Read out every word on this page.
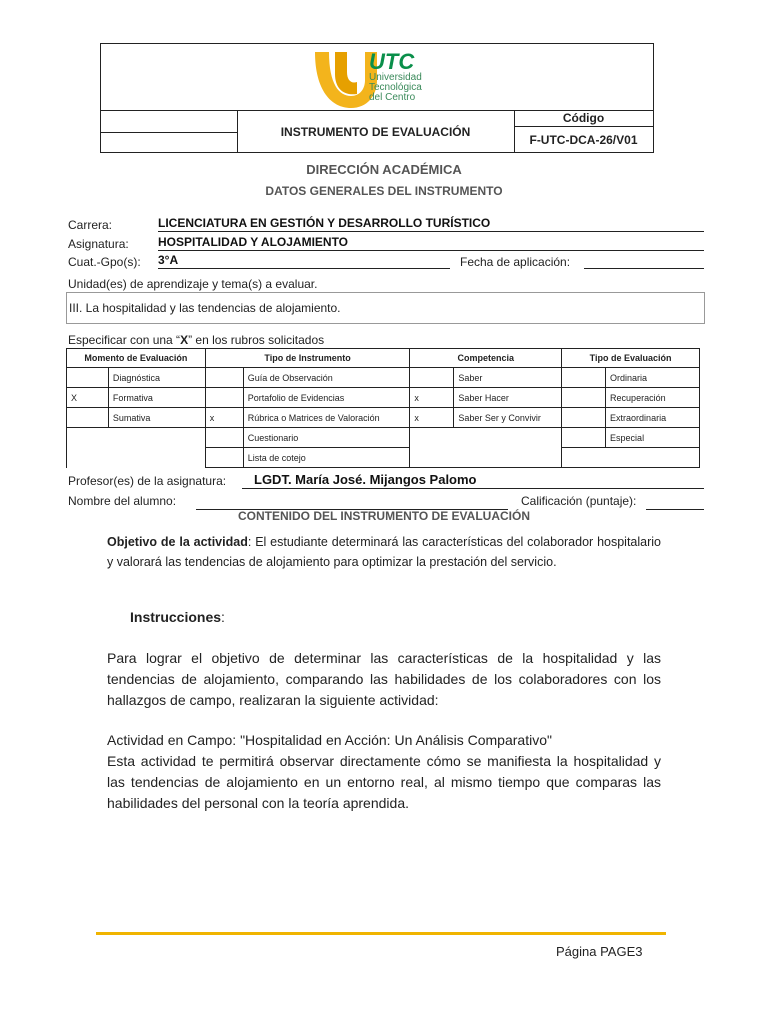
UTC
Universidad
Tecnológica
del Centro
INSTRUMENTO DE EVALUACIÓN
Código
F-UTC-DCA-26/V01
DIRECCIÓN ACADÉMICA
DATOS GENERALES DEL INSTRUMENTO
Carrera:	LICENCIATURA EN GESTIÓN Y DESARROLLO TURÍSTICO
Asignatura: HOSPITALIDAD Y ALOJAMIENTO
Cuat.-Gpo(s): 3°A	Fecha de aplicación:
Unidad(es) de aprendizaje y tema(s) a evaluar.
III. La hospitalidad y las tendencias de alojamiento.
Especificar con una “X” en los rubros solicitados
Momento de Evaluación		Tipo de Instrumento		Competencia		Tipo de Evaluación	
	Diagnóstica		Guía de Observación		Saber		Ordinaria
X	Formativa		Portafolio de Evidencias	x	Saber Hacer		Recuperación
	Sumativa	x	Rúbrica o Matrices de Valoración	x	Saber Ser y Convivir		Extraordinaria
			Cuestionario				Especial
			Lista de cotejo				
Profesor(es) de la asignatura:	LGDT. María José. Mijangos Palomo
Nombre del alumno:	Calificación (puntaje):
CONTENIDO DEL INSTRUMENTO DE EVALUACIÓN
Objetivo de la actividad: El estudiante determinará las características del colaborador hospitalario y valorará las tendencias de alojamiento para optimizar la prestación del servicio.
Instrucciones:
Para lograr el objetivo de determinar las características de la hospitalidad y las tendencias de alojamiento, comparando las habilidades de los colaboradores con los hallazgos de campo, realizaran la siguiente actividad:
Actividad en Campo: "Hospitalidad en Acción: Un Análisis Comparativo"
Esta actividad te permitirá observar directamente cómo se manifiesta la hospitalidad y las tendencias de alojamiento en un entorno real, al mismo tiempo que comparas las habilidades del personal con la teoría aprendida.
Página PAGE3
